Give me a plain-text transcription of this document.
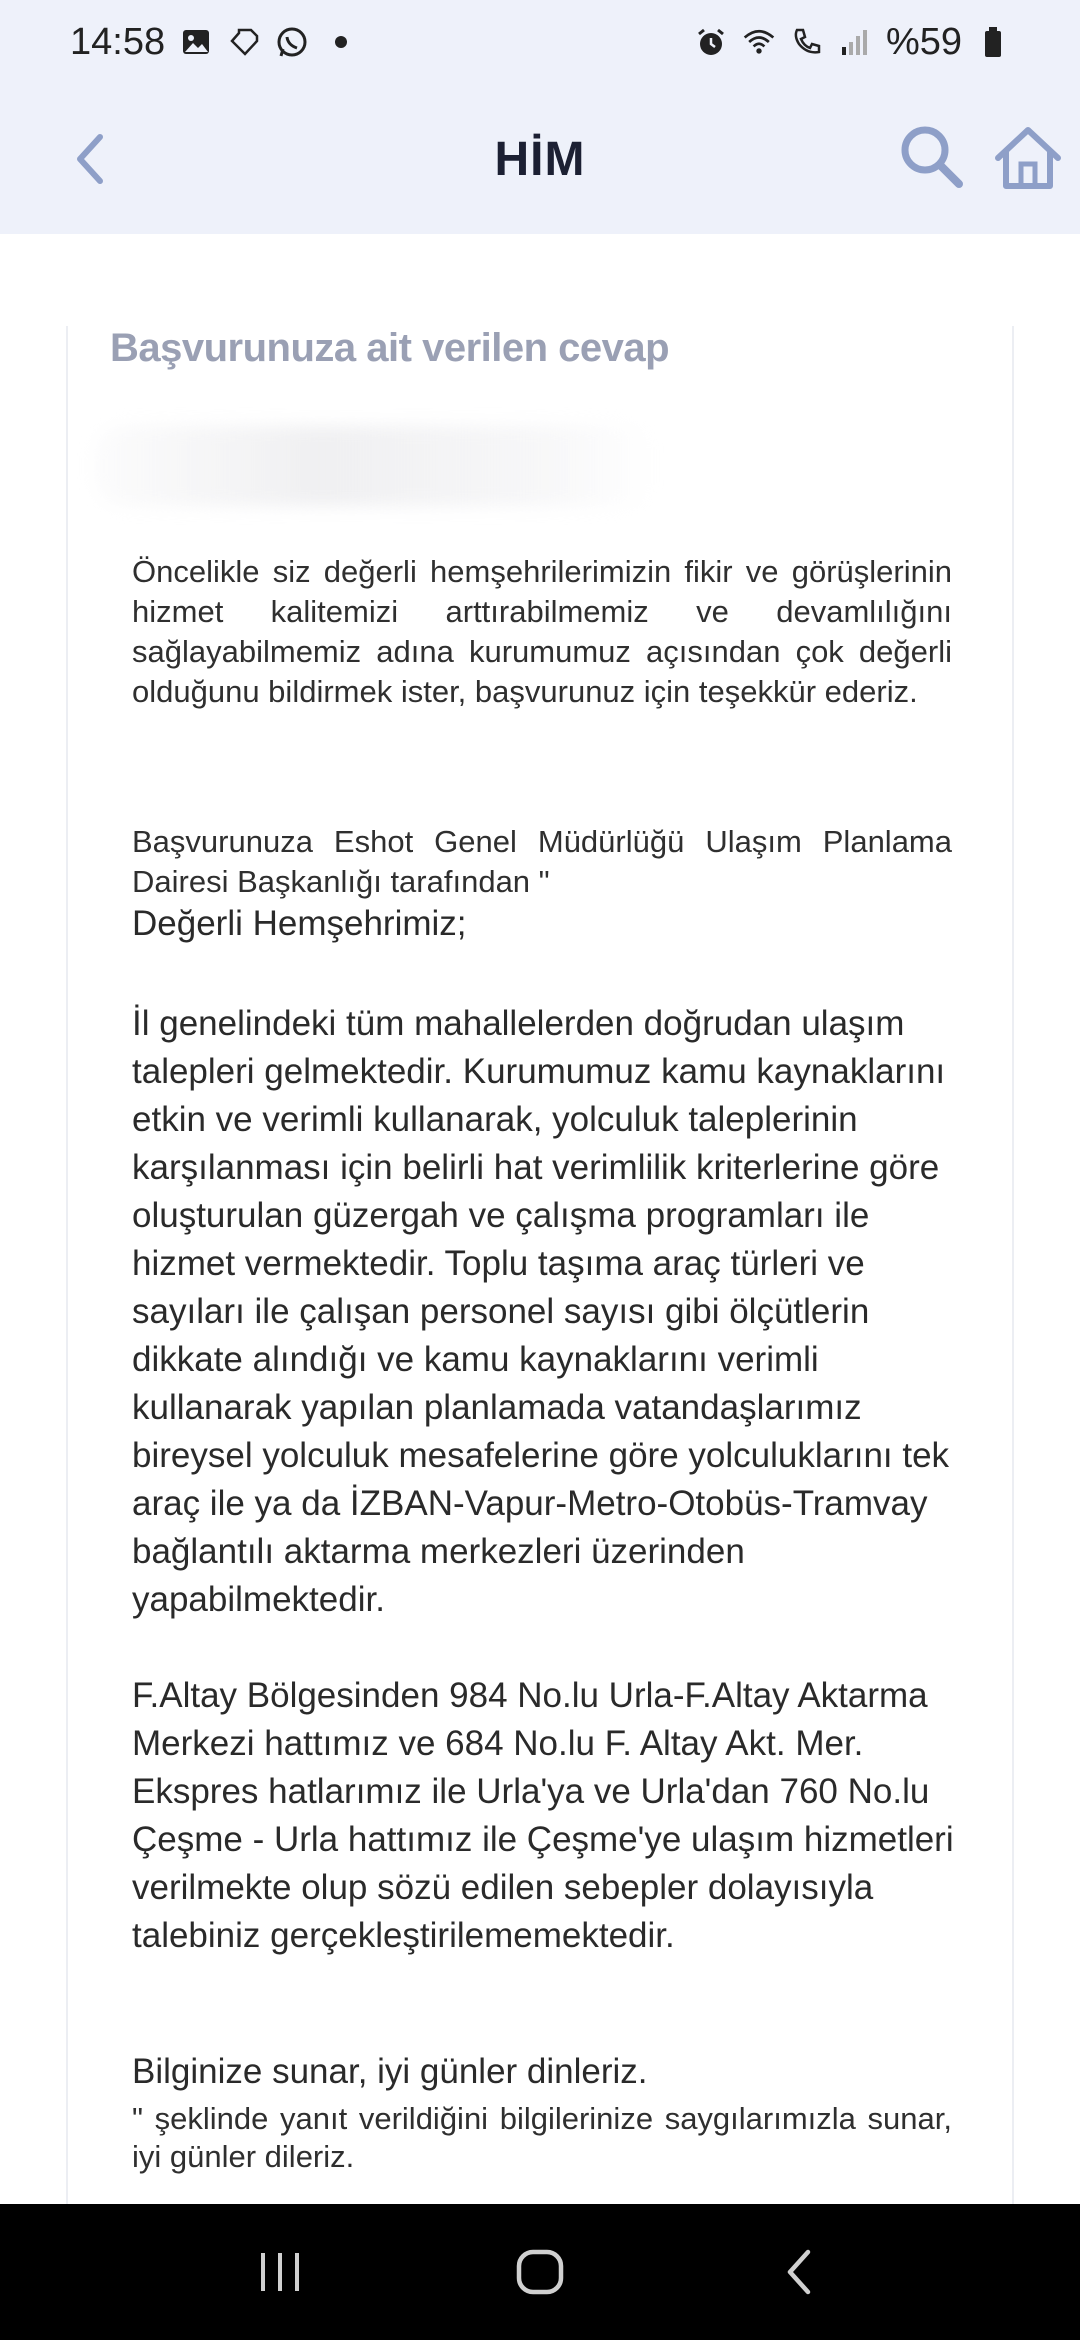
14:58	%59
HİM
Başvurunuza ait verilen cevap
Öncelikle siz değerli hemşehrilerimizin fikir ve görüşlerinin hizmet kalitemizi arttırabilmemiz ve devamlılığını sağlayabilmemiz adına kurumumuz açısından çok değerli olduğunu bildirmek ister, başvurunuz için teşekkür ederiz.
Başvurunuza Eshot Genel Müdürlüğü Ulaşım Planlama Dairesi Başkanlığı tarafından "
Değerli Hemşehrimiz;
İl genelindeki tüm mahallelerden doğrudan ulaşım talepleri gelmektedir. Kurumumuz kamu kaynaklarını etkin ve verimli kullanarak, yolculuk taleplerinin karşılanması için belirli hat verimlilik kriterlerine göre oluşturulan güzergah ve çalışma programları ile hizmet vermektedir. Toplu taşıma araç türleri ve sayıları ile çalışan personel sayısı gibi ölçütlerin dikkate alındığı ve kamu kaynaklarını verimli kullanarak yapılan planlamada vatandaşlarımız bireysel yolculuk mesafelerine göre yolculuklarını tek araç ile ya da İZBAN-Vapur-Metro-Otobüs-Tramvay bağlantılı aktarma merkezleri üzerinden yapabilmektedir.
F.Altay Bölgesinden 984 No.lu Urla-F.Altay Aktarma Merkezi hattımız ve 684 No.lu F. Altay Akt. Mer. Ekspres hatlarımız ile Urla'ya ve Urla'dan 760 No.lu Çeşme - Urla hattımız ile Çeşme'ye ulaşım hizmetleri verilmekte olup sözü edilen sebepler dolayısıyla talebiniz gerçekleştirilememektedir.
Bilginize sunar, iyi günler dinleriz.
" şeklinde yanıt verildiğini bilgilerinize saygılarımızla sunar, iyi günler dileriz.
